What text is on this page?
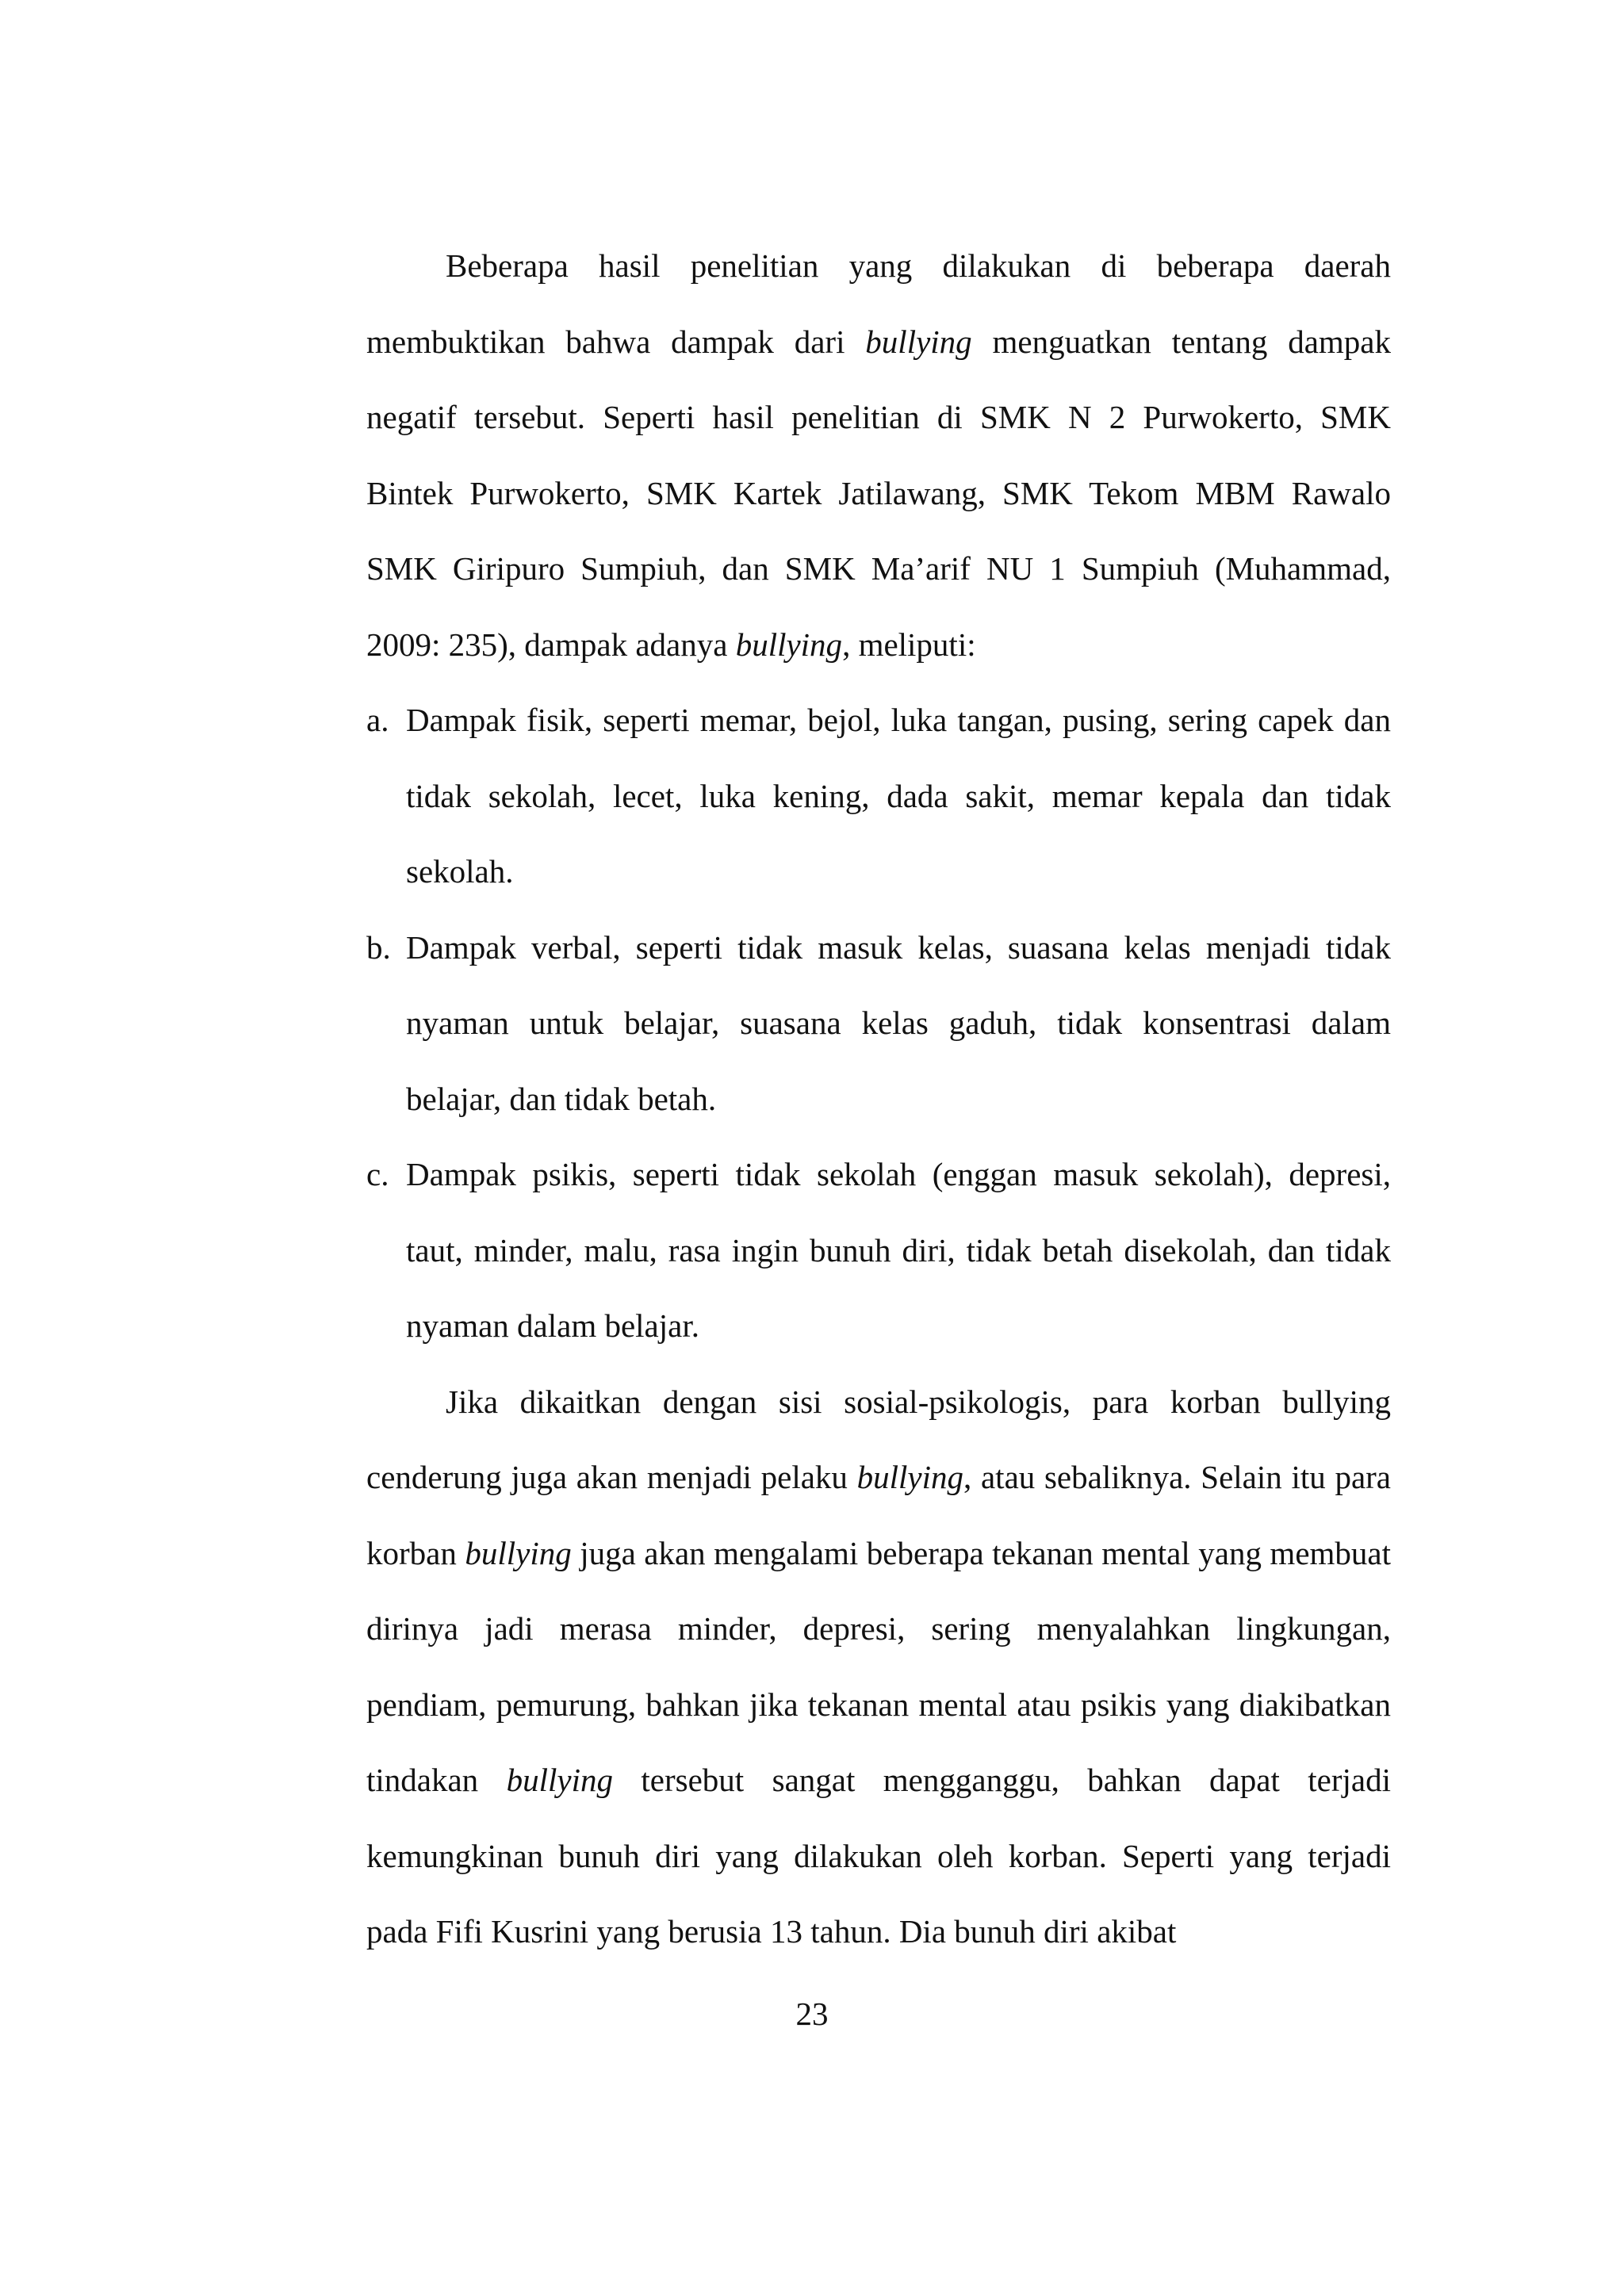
Beberapa hasil penelitian yang dilakukan di beberapa daerah membuktikan bahwa dampak dari bullying menguatkan tentang dampak negatif tersebut. Seperti hasil penelitian di SMK N 2 Purwokerto, SMK Bintek Purwokerto, SMK Kartek Jatilawang, SMK Tekom MBM Rawalo SMK Giripuro Sumpiuh, dan SMK Ma’arif NU 1 Sumpiuh (Muhammad, 2009: 235), dampak adanya bullying, meliputi:

a. Dampak fisik, seperti memar, bejol, luka tangan, pusing, sering capek dan tidak sekolah, lecet, luka kening, dada sakit, memar kepala dan tidak sekolah.
b. Dampak verbal, seperti tidak masuk kelas, suasana kelas menjadi tidak nyaman untuk belajar, suasana kelas gaduh, tidak konsentrasi dalam belajar, dan tidak betah.
c. Dampak psikis, seperti tidak sekolah (enggan masuk sekolah), depresi, taut, minder, malu, rasa ingin bunuh diri, tidak betah disekolah, dan tidak nyaman dalam belajar.

Jika dikaitkan dengan sisi sosial-psikologis, para korban bullying cenderung juga akan menjadi pelaku bullying, atau sebaliknya. Selain itu para korban bullying juga akan mengalami beberapa tekanan mental yang membuat dirinya jadi merasa minder, depresi, sering menyalahkan lingkungan, pendiam, pemurung, bahkan jika tekanan mental atau psikis yang diakibatkan tindakan bullying tersebut sangat mengganggu, bahkan dapat terjadi kemungkinan bunuh diri yang dilakukan oleh korban. Seperti yang terjadi pada Fifi Kusrini yang berusia 13 tahun. Dia bunuh diri akibat

23
